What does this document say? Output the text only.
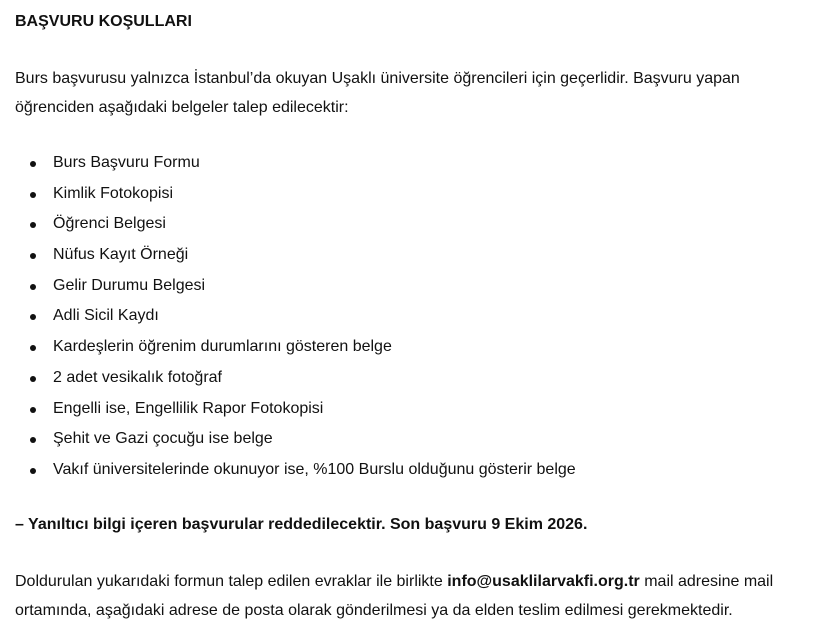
BAŞVURU KOŞULLARI

Burs başvurusu yalnızca İstanbul’da okuyan Uşaklı üniversite öğrencileri için geçerlidir. Başvuru yapan öğrenciden aşağıdaki belgeler talep edilecektir:

Burs Başvuru Formu
Kimlik Fotokopisi
Öğrenci Belgesi
Nüfus Kayıt Örneği
Gelir Durumu Belgesi
Adli Sicil Kaydı
Kardeşlerin öğrenim durumlarını gösteren belge
2 adet vesikalık fotoğraf
Engelli ise, Engellilik Rapor Fotokopisi
Şehit ve Gazi çocuğu ise belge
Vakıf üniversitelerinde okunuyor ise, %100 Burslu olduğunu gösterir belge

– Yanıltıcı bilgi içeren başvurular reddedilecektir. Son başvuru 9 Ekim 2026.

Doldurulan yukarıdaki formun talep edilen evraklar ile birlikte info@usaklilarvakfi.org.tr mail adresine mail ortamında, aşağıdaki adrese de posta olarak gönderilmesi ya da elden teslim edilmesi gerekmektedir.
